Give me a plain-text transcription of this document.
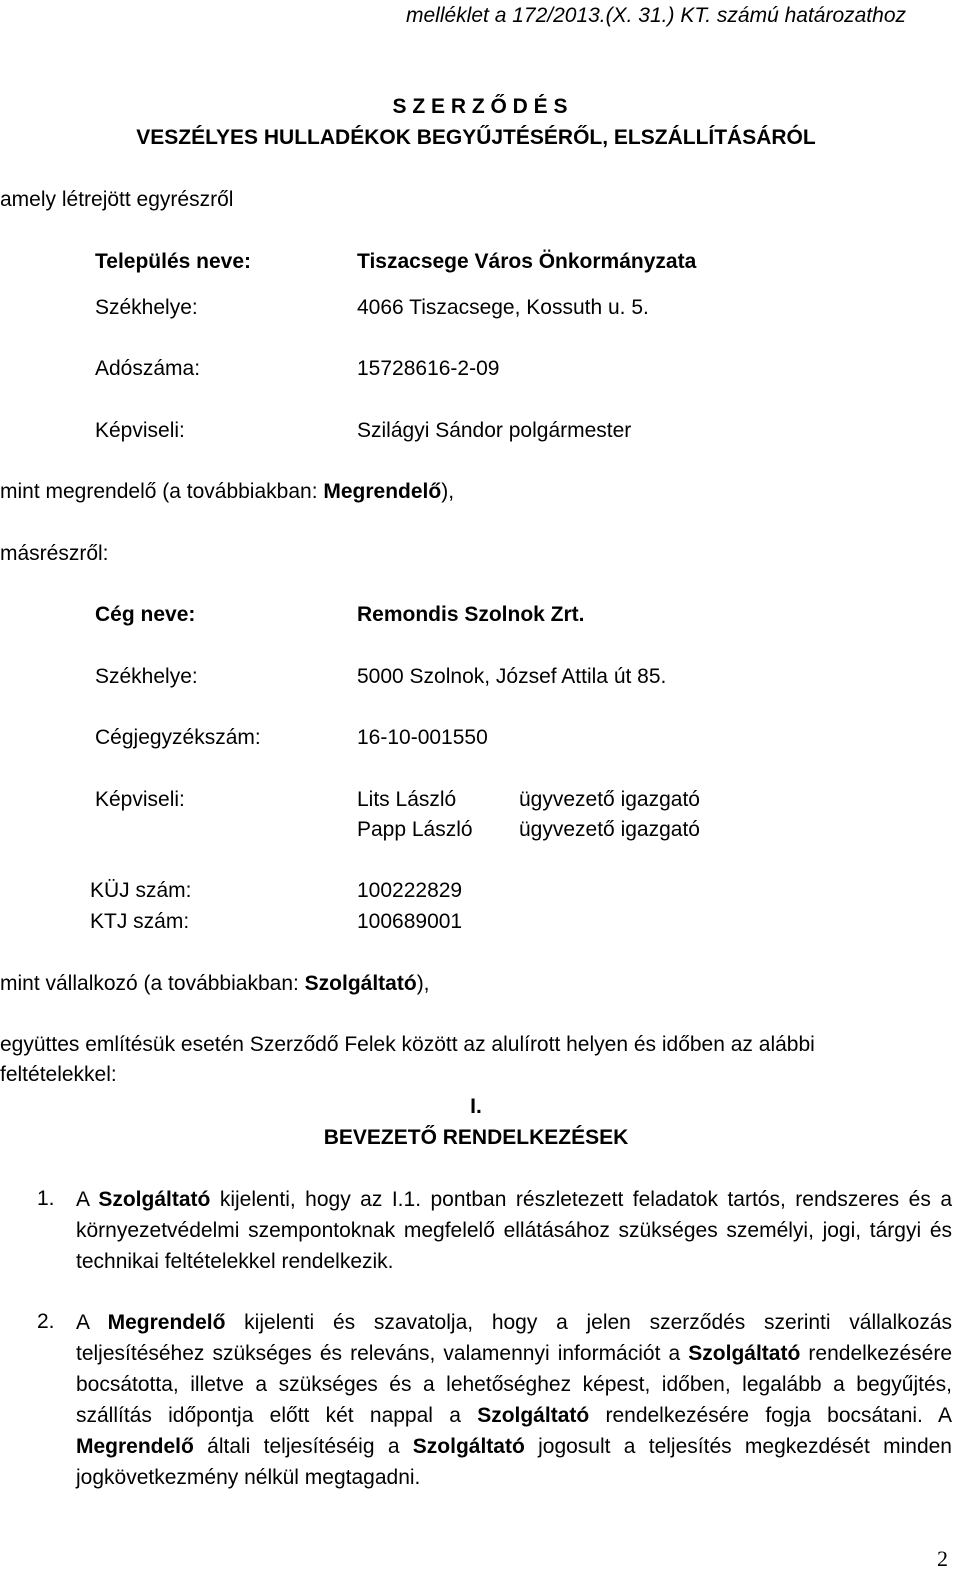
melléklet a 172/2013.(X. 31.) KT. számú határozathoz
S Z E R Z Ő D É S
VESZÉLYES HULLADÉKOK BEGYŰJTÉSÉRŐL, ELSZÁLLÍTÁSÁRÓL
amely létrejött egyrészről
Település neve:	Tiszacsege Város Önkormányzata
Székhelye:	4066 Tiszacsege, Kossuth u. 5.
Adószáma:	15728616-2-09
Képviseli:	Szilágyi Sándor polgármester
mint megrendelő (a továbbiakban: Megrendelő),
másrészről:
Cég neve:	Remondis Szolnok Zrt.
Székhelye:	5000 Szolnok, József Attila út 85.
Cégjegyzékszám:	16-10-001550
Képviseli:	Lits László	ügyvezető igazgató
Papp László ügyvezető igazgató
KÜJ szám:	100222829
KTJ szám:	100689001
mint vállalkozó (a továbbiakban: Szolgáltató),
együttes említésük esetén Szerződő Felek között az alulírott helyen és időben az alábbi feltételekkel:
I.
BEVEZETŐ RENDELKEZÉSEK
1. A Szolgáltató kijelenti, hogy az I.1. pontban részletezett feladatok tartós, rendszeres és a környezetvédelmi szempontoknak megfelelő ellátásához szükséges személyi, jogi, tárgyi és technikai feltételekkel rendelkezik.
2. A Megrendelő kijelenti és szavatolja, hogy a jelen szerződés szerinti vállalkozás teljesítéséhez szükséges és releváns, valamennyi információt a Szolgáltató rendelkezésére bocsátotta, illetve a szükséges és a lehetőséghez képest, időben, legalább a begyűjtés, szállítás időpontja előtt két nappal a Szolgáltató rendelkezésére fogja bocsátani. A Megrendelő általi teljesítéséig a Szolgáltató jogosult a teljesítés megkezdését minden jogkövetkezmény nélkül megtagadni.
2
